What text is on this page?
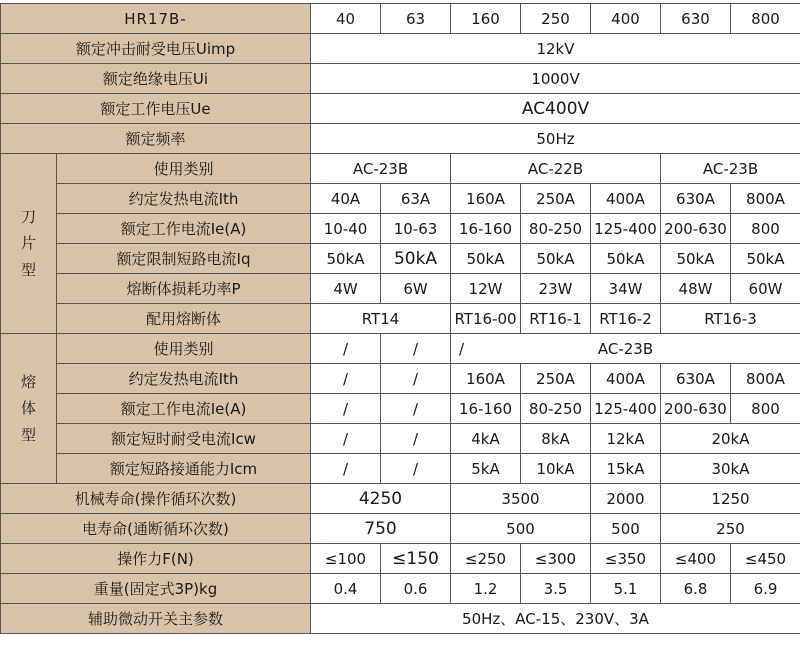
HR17B-		40	63	160	250	400	630	800
额定冲击耐受电压Uimp		12kV						
额定绝缘电压Ui		1000V						
额定工作电压Ue		AC400V						
额定频率		50Hz						
刀
片
型	使用类别	AC-23B		AC-22B			AC-23B	
	约定发热电流Ith	40A	63A	160A	250A	400A	630A	800A
	额定工作电流Ie(A)	10-40	10-63	16-160	80-250	125-400	200-630	800
	额定限制短路电流Iq	50kA	50kA	50kA	50kA	50kA	50kA	50kA
	熔断体损耗功率P	4W	6W	12W	23W	34W	48W	60W
	配用熔断体	RT14		RT16-00	RT16-1	RT16-2	RT16-3	
熔
体
型	使用类别	/	/	/ AC-23B				
	约定发热电流Ith	/	/	160A	250A	400A	630A	800A
	额定工作电流Ie(A)	/	/	16-160	80-250	125-400	200-630	800
	额定短时耐受电流Icw	/	/	4kA	8kA	12kA	20kA	
	额定短路接通能力Icm	/	/	5kA	10kA	15kA	30kA	
机械寿命(操作循环次数)		4250		3500		2000	1250	
电寿命(通断循环次数)		750		500		500	250	
操作力F(N)		≤100	≤150	≤250	≤300	≤350	≤400	≤450
重量(固定式3P)kg		0.4	0.6	1.2	3.5	5.1	6.8	6.9
辅助微动开关主参数		50Hz、AC-15、230V、3A						
